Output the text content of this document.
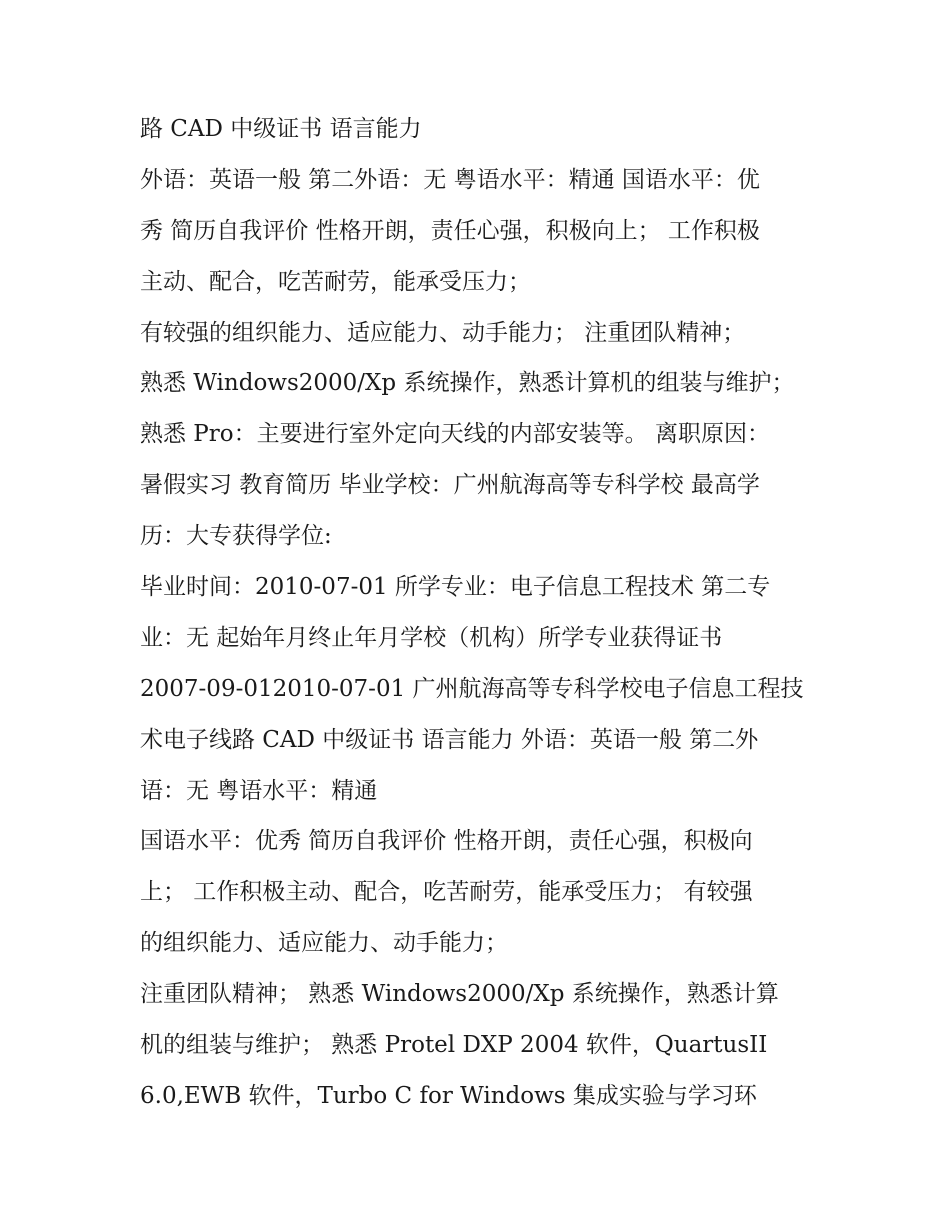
路 CAD 中级证书 语言能力
外语：英语一般 第二外语：无 粤语水平：精通 国语水平：优
秀 简历自我评价 性格开朗，责任心强，积极向上； 工作积极
主动、配合，吃苦耐劳，能承受压力；
有较强的组织能力、适应能力、动手能力； 注重团队精神；
熟悉 Windows2000/Xp 系统操作，熟悉计算机的组装与维护；
熟悉 Pro：主要进行室外定向天线的内部安装等。 离职原因：
暑假实习 教育简历 毕业学校：广州航海高等专科学校 最高学
历：大专获得学位:
毕业时间：2010-07-01 所学专业：电子信息工程技术 第二专
业：无 起始年月终止年月学校（机构）所学专业获得证书
2007-09-012010-07-01 广州航海高等专科学校电子信息工程技
术电子线路 CAD 中级证书 语言能力 外语：英语一般 第二外
语：无 粤语水平：精通
国语水平：优秀 简历自我评价 性格开朗，责任心强，积极向
上； 工作积极主动、配合，吃苦耐劳，能承受压力； 有较强
的组织能力、适应能力、动手能力；
注重团队精神； 熟悉 Windows2000/Xp 系统操作，熟悉计算
机的组装与维护； 熟悉 Protel DXP 2004 软件，QuartusII
6.0,EWB 软件，Turbo C for Windows 集成实验与学习环
